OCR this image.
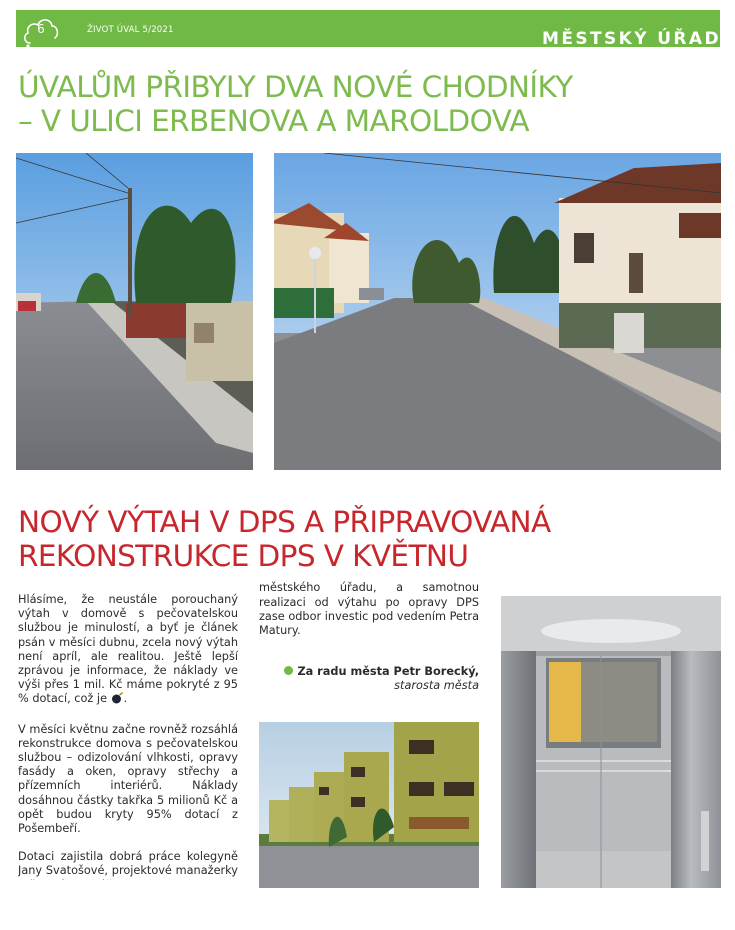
6	ŽIVOT ÚVAL 5/2021	MĚSTSKÝ ÚŘAD
ÚVALŮM PŘIBYLY DVA NOVÉ CHODNÍKY
– V ULICI ERBENOVA A MAROLDOVA
NOVÝ VÝTAH V DPS A PŘIPRAVOVANÁ
REKONSTRUKCE DPS V KVĚTNU

Hlásíme, že neustále porouchaný výtah v domově s pečovatelskou službou je minulostí, a byť je článek psán v měsíci dubnu, zcela nový výtah není apríl, ale realitou. Ještě lepší zprávou je informace, že náklady ve výši přes 1 mil. Kč máme pokryté z 95 % dotací, což je .

V měsíci květnu začne rovněž rozsáhlá rekonstrukce domova s pečovatelskou službou – odizolování vlhkosti, opravy fasády a oken, opravy střechy a přízemních interiérů. Náklady dosáhnou částky takřka 5 milionů Kč a opět budou kryty 95% dotací z Pošembeří.

Dotaci zajistila dobrá práce kolegyně Jany Svatošové, projektové manažerky

městského úřadu, a samotnou realizaci od výtahu po opravy DPS zase odbor investic pod vedením Petra Matury.

Za radu města Petr Borecký,
starosta města
